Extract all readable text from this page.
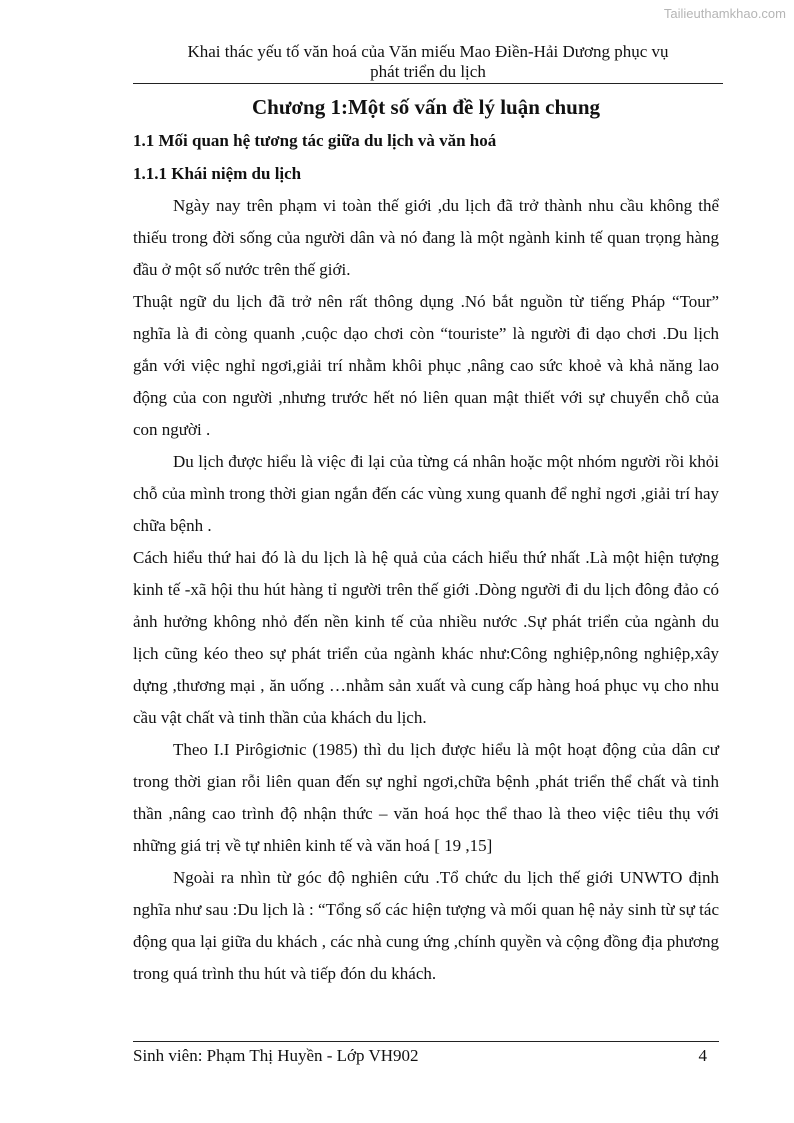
Tailieuthamkhao.com
Khai thác yếu tố văn hoá của Văn miếu Mao Điền-Hải Dương phục vụ
phát triển du lịch
Chương 1:Một số vấn đề lý luận chung
1.1 Mối quan hệ tương tác giữa du lịch và văn hoá
1.1.1 Khái niệm du lịch

Ngày nay trên phạm vi toàn thế giới ,du lịch đã trở thành nhu cầu không thể thiếu trong đời sống của người dân và nó đang là một ngành kinh tế quan trọng hàng đầu ở một số nước trên thế giới.

Thuật ngữ du lịch đã trở nên rất thông dụng .Nó bắt nguồn từ tiếng Pháp “Tour” nghĩa là đi còng quanh ,cuộc dạo chơi còn “touriste” là người đi dạo chơi .Du lịch gắn với việc nghỉ ngơi,giải trí nhằm khôi phục ,nâng cao sức khoẻ và khả năng lao động của con người ,nhưng trước hết nó liên quan mật thiết với sự chuyển chỗ của con người .

Du lịch được hiểu là việc đi lại của từng cá nhân hoặc một nhóm người rồi khỏi chỗ của mình trong thời gian ngắn đến các vùng xung quanh để nghỉ ngơi ,giải trí hay chữa bệnh .

Cách hiểu thứ hai đó là du lịch là hệ quả của cách hiểu thứ nhất .Là một hiện tượng kinh tế -xã hội thu hút hàng tỉ người trên thế giới .Dòng người đi du lịch đông đảo có ảnh hưởng không nhỏ đến nền kinh tế của nhiều nước .Sự phát triển của ngành du lịch cũng kéo theo sự phát triển của ngành khác như:Công nghiệp,nông nghiệp,xây dựng ,thương mại , ăn uống …nhằm sản xuất và cung cấp hàng hoá phục vụ cho nhu cầu vật chất và tinh thần của khách du lịch.

Theo I.I Pirôgiơnic (1985) thì du lịch được hiểu là một hoạt động của dân cư trong thời gian rỗi liên quan đến sự nghỉ ngơi,chữa bệnh ,phát triển thể chất và tinh thần ,nâng cao trình độ nhận thức – văn hoá học thể thao là theo việc tiêu thụ với những giá trị về tự nhiên kinh tế và văn hoá [ 19 ,15]

Ngoài ra nhìn từ góc độ nghiên cứu .Tổ chức du lịch thế giới UNWTO định nghĩa như sau :Du lịch là : “Tổng số các hiện tượng và mối quan hệ nảy sinh từ sự tác động qua lại giữa du khách , các nhà cung ứng ,chính quyền và cộng đồng địa phương trong quá trình thu hút và tiếp đón du khách.

Sinh viên: Phạm Thị Huyền - Lớp VH902	4
